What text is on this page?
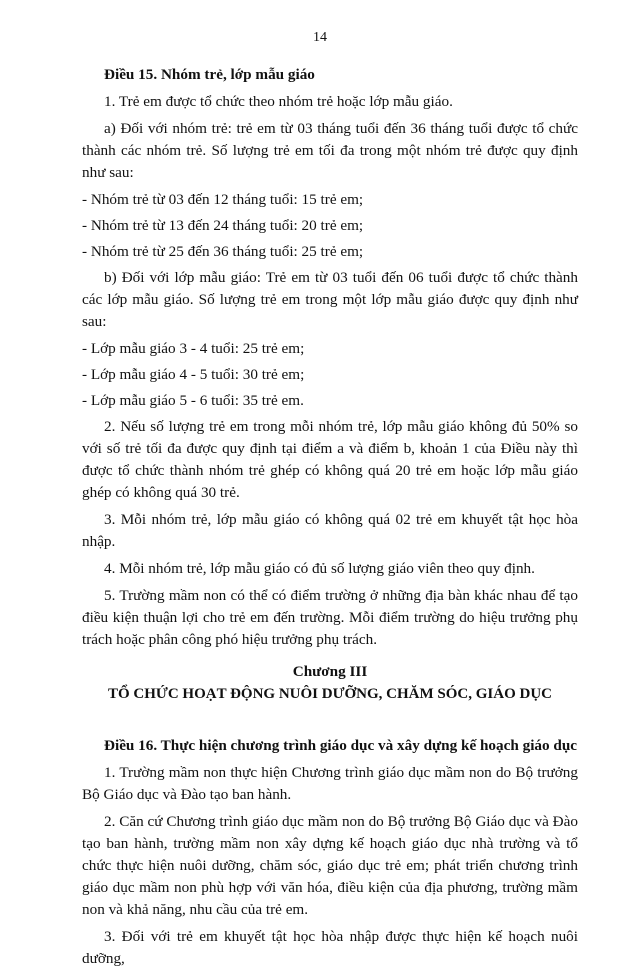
14

Điều 15. Nhóm trẻ, lớp mẫu giáo

1. Trẻ em được tổ chức theo nhóm trẻ hoặc lớp mẫu giáo.

a) Đối với nhóm trẻ: trẻ em từ 03 tháng tuổi đến 36 tháng tuổi được tổ chức thành các nhóm trẻ. Số lượng trẻ em tối đa trong một nhóm trẻ được quy định như sau:

- Nhóm trẻ từ 03 đến 12 tháng tuổi: 15 trẻ em;

- Nhóm trẻ từ 13 đến 24 tháng tuổi: 20 trẻ em;

- Nhóm trẻ từ 25 đến 36 tháng tuổi: 25 trẻ em;

b) Đối với lớp mẫu giáo: Trẻ em từ 03 tuổi đến 06 tuổi được tổ chức thành các lớp mẫu giáo. Số lượng trẻ em trong một lớp mẫu giáo được quy định như sau:

- Lớp mẫu giáo 3 - 4 tuổi: 25 trẻ em;

- Lớp mẫu giáo 4 - 5 tuổi: 30 trẻ em;

- Lớp mẫu giáo 5 - 6 tuổi: 35 trẻ em.

2. Nếu số lượng trẻ em trong mỗi nhóm trẻ, lớp mẫu giáo không đủ 50% so với số trẻ tối đa được quy định tại điểm a và điểm b, khoản 1 của Điều này thì được tổ chức thành nhóm trẻ ghép có không quá 20 trẻ em hoặc lớp mẫu giáo ghép có không quá 30 trẻ.

3. Mỗi nhóm trẻ, lớp mẫu giáo có không quá 02 trẻ em khuyết tật học hòa nhập.

4. Mỗi nhóm trẻ, lớp mẫu giáo có đủ số lượng giáo viên theo quy định.

5. Trường mầm non có thể có điểm trường ở những địa bàn khác nhau để tạo điều kiện thuận lợi cho trẻ em đến trường. Mỗi điểm trường do hiệu trưởng phụ trách hoặc phân công phó hiệu trưởng phụ trách.

Chương III

TỔ CHỨC HOẠT ĐỘNG NUÔI DƯỠNG, CHĂM SÓC, GIÁO DỤC

Điều 16. Thực hiện chương trình giáo dục và xây dựng kế hoạch giáo dục

1. Trường mầm non thực hiện Chương trình giáo dục mầm non do Bộ trưởng Bộ Giáo dục và Đào tạo ban hành.

2. Căn cứ Chương trình giáo dục mầm non do Bộ trưởng Bộ Giáo dục và Đào tạo ban hành, trường mầm non xây dựng kế hoạch giáo dục nhà trường và tổ chức thực hiện nuôi dưỡng, chăm sóc, giáo dục trẻ em; phát triển chương trình giáo dục mầm non phù hợp với văn hóa, điều kiện của địa phương, trường mầm non và khả năng, nhu cầu của trẻ em.

3. Đối với trẻ em khuyết tật học hòa nhập được thực hiện kế hoạch nuôi dưỡng,
